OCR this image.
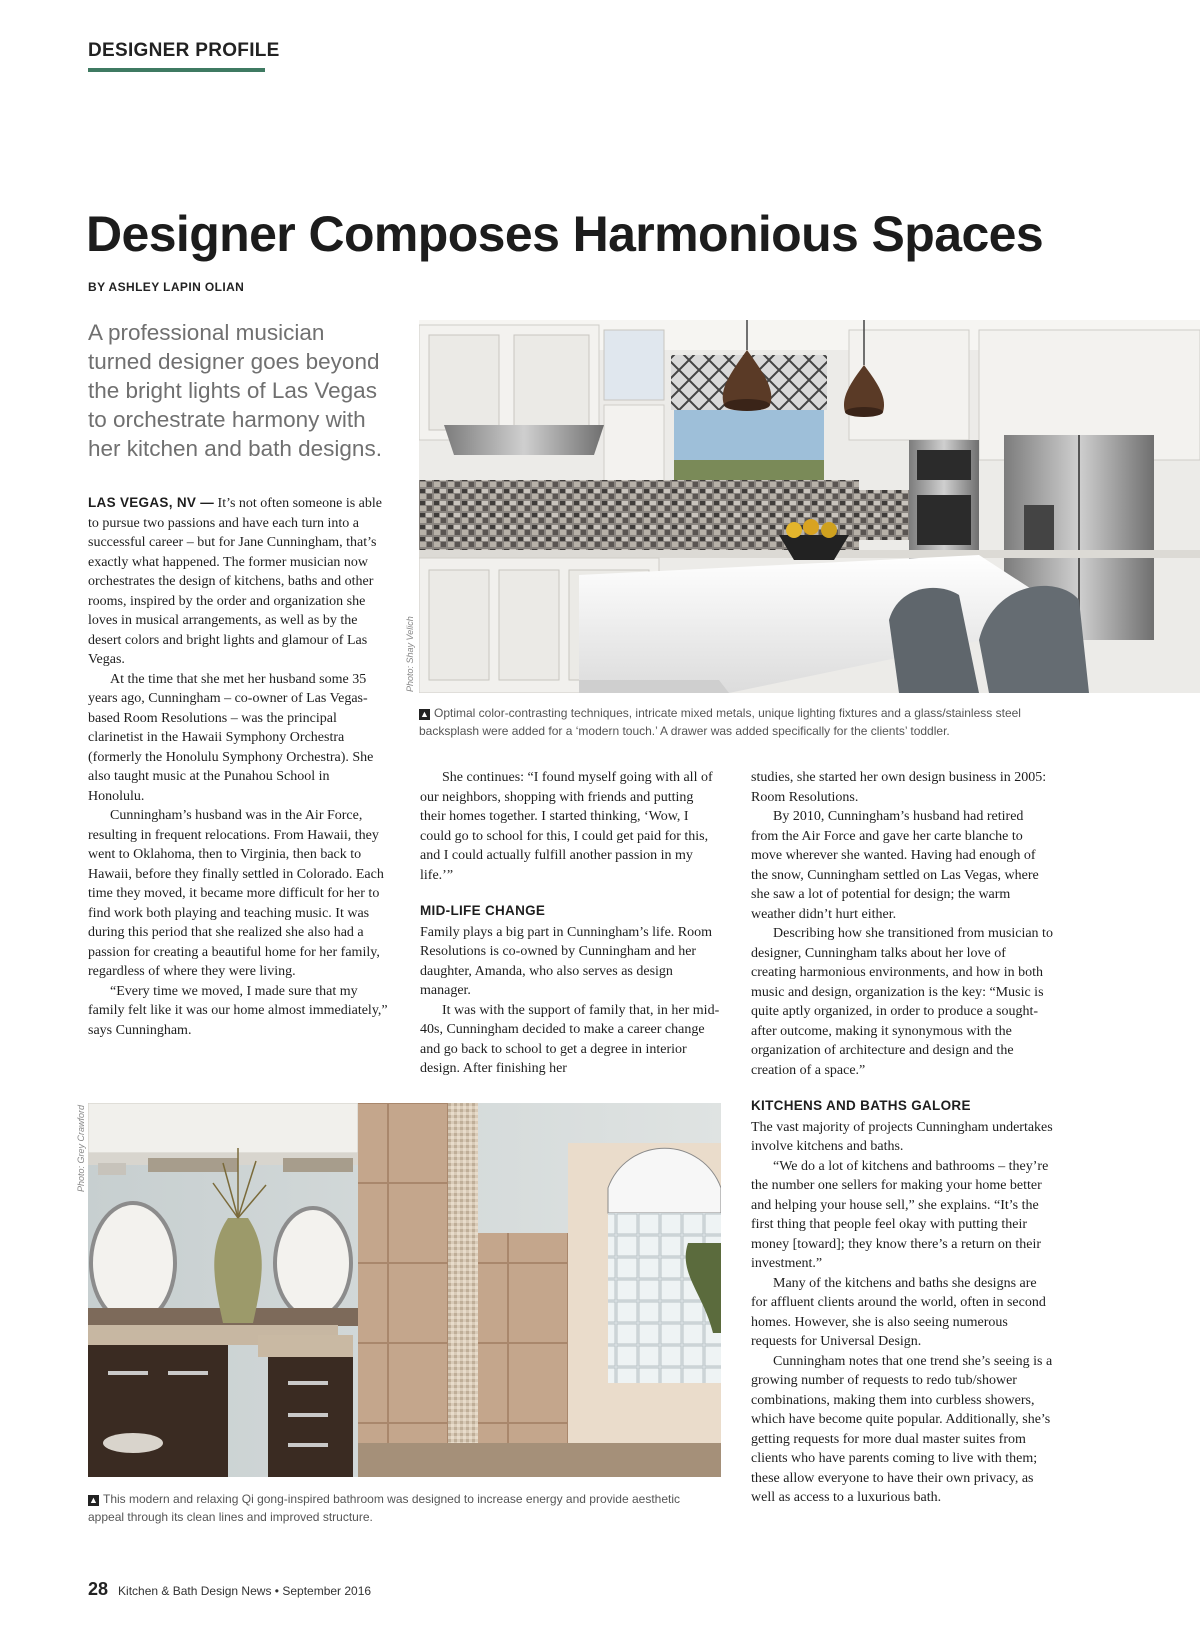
DESIGNER PROFILE
Designer Composes Harmonious Spaces
BY ASHLEY LAPIN OLIAN

A professional musician turned designer goes beyond the bright lights of Las Vegas to orchestrate harmony with her kitchen and bath designs.

Photo: Shay Velich
▲ Optimal color-contrasting techniques, intricate mixed metals, unique lighting fixtures and a glass/stainless steel backsplash were added for a ‘modern touch.’ A drawer was added specifically for the clients’ toddler.

LAS VEGAS, NV — It’s not often someone is able to pursue two passions and have each turn into a successful career – but for Jane Cunningham, that’s exactly what happened. The former musician now orchestrates the design of kitchens, baths and other rooms, inspired by the order and organization she loves in musical arrangements, as well as by the desert colors and bright lights and glamour of Las Vegas.

At the time that she met her husband some 35 years ago, Cunningham – co-owner of Las Vegas-based Room Resolutions – was the principal clarinetist in the Hawaii Symphony Orchestra (formerly the Honolulu Symphony Orchestra). She also taught music at the Punahou School in Honolulu.

Cunningham’s husband was in the Air Force, resulting in frequent relocations. From Hawaii, they went to Oklahoma, then to Virginia, then back to Hawaii, before they finally settled in Colorado. Each time they moved, it became more difficult for her to find work both playing and teaching music. It was during this period that she realized she also had a passion for creating a beautiful home for her family, regardless of where they were living.

“Every time we moved, I made sure that my family felt like it was our home almost immediately,” says Cunningham.

She continues: “I found myself going with all of our neighbors, shopping with friends and putting their homes together. I started thinking, ‘Wow, I could go to school for this, I could get paid for this, and I could actually fulfill another passion in my life.’”

MID-LIFE CHANGE

Family plays a big part in Cunningham’s life. Room Resolutions is co-owned by Cunningham and her daughter, Amanda, who also serves as design manager.

It was with the support of family that, in her mid-40s, Cunningham decided to make a career change and go back to school to get a degree in interior design. After finishing her

studies, she started her own design business in 2005: Room Resolutions.

By 2010, Cunningham’s husband had retired from the Air Force and gave her carte blanche to move wherever she wanted. Having had enough of the snow, Cunningham settled on Las Vegas, where she saw a lot of potential for design; the warm weather didn’t hurt either.

Describing how she transitioned from musician to designer, Cunningham talks about her love of creating harmonious environments, and how in both music and design, organization is the key: “Music is quite aptly organized, in order to produce a sought-after outcome, making it synonymous with the organization of architecture and design and the creation of a space.”

KITCHENS AND BATHS GALORE

The vast majority of projects Cunningham undertakes involve kitchens and baths.

“We do a lot of kitchens and bathrooms – they’re the number one sellers for making your home better and helping your house sell,” she explains. “It’s the first thing that people feel okay with putting their money [toward]; they know there’s a return on their investment.”

Many of the kitchens and baths she designs are for affluent clients around the world, often in second homes. However, she is also seeing numerous requests for Universal Design.

Cunningham notes that one trend she’s seeing is a growing number of requests to redo tub/shower combinations, making them into curbless showers, which have become quite popular. Additionally, she’s getting requests for more dual master suites from clients who have parents coming to live with them; these allow everyone to have their own privacy, as well as access to a luxurious bath.

Photo: Grey Crawford
▲ This modern and relaxing Qi gong-inspired bathroom was designed to increase energy and provide aesthetic appeal through its clean lines and improved structure.
28 Kitchen & Bath Design News • September 2016
